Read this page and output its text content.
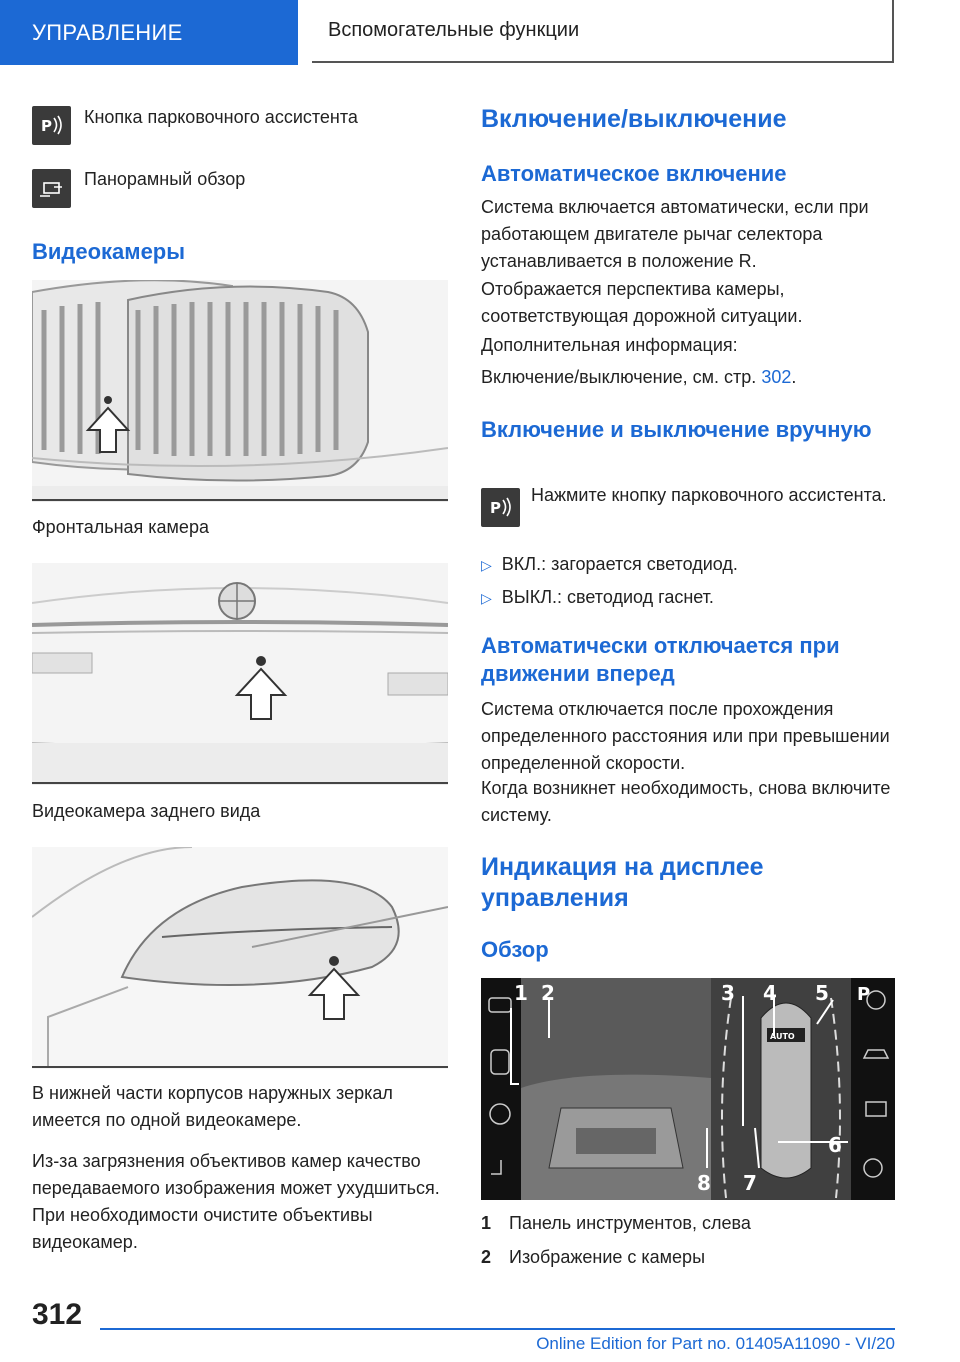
УПРАВЛЕНИЕ	Вспомогательные функции
P Кнопка парковочного ассистента
Панорамный обзор
Видеокамеры
Фронтальная камера
Видеокамера заднего вида
В нижней части корпусов наружных зеркал имеется по одной видеокамере.
Из-за загрязнения объективов камер качество передаваемого изображения может ухудшиться. При необходимости очистите объективы видеокамер.
Включение/выключение
Автоматическое включение
Система включается автоматически, если при работающем двигателе рычаг селектора устанавливается в положение R.
Отображается перспектива камеры, соответствующая дорожной ситуации.
Дополнительная информация:
Включение/выключение, см. стр. 302.
Включение и выключение вручную
P
Нажмите кнопку парковочного ассистента.
▷ ВКЛ.: загорается светодиод.
▷ ВЫКЛ.: светодиод гаснет.
Автоматически отключается при движении вперед
Система отключается после прохождения определенного расстояния или при превышении определенной скорости.
Когда возникнет необходимость, снова включите систему.
Индикация на дисплее управления
Обзор
1 2	3 4 5
6
7
8
AUTO
P
1 Панель инструментов, слева
2 Изображение с камеры
312
Online Edition for Part no. 01405A11090 - VI/20
